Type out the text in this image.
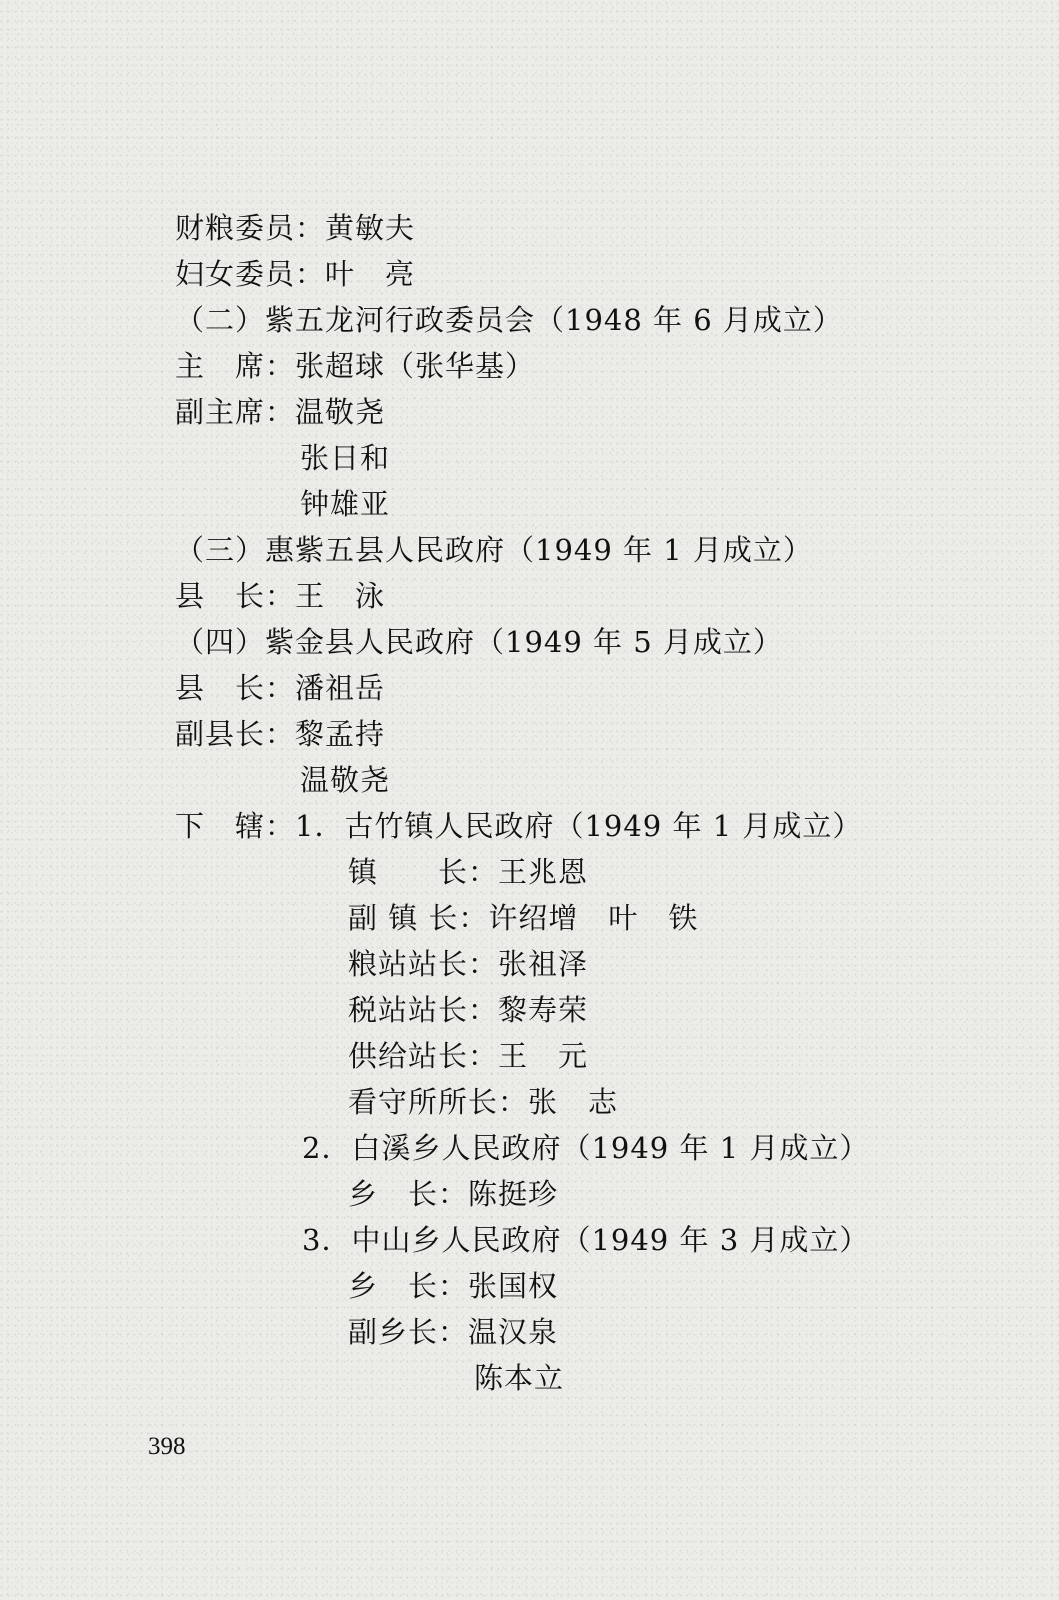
财粮委员：黄敏夫
妇女委员：叶　亮
（二）紫五龙河行政委员会（1948 年 6 月成立）
主　席：张超球（张华基）
副主席：温敬尧
张日和
钟雄亚
（三）惠紫五县人民政府（1949 年 1 月成立）
县　长：王　泳
（四）紫金县人民政府（1949 年 5 月成立）
县　长：潘祖岳
副县长：黎孟持
温敬尧
下　辖：1．古竹镇人民政府（1949 年 1 月成立）
镇　　长：王兆恩
副 镇 长：许绍增　叶　铁
粮站站长：张祖泽
税站站长：黎寿荣
供给站长：王　元
看守所所长：张　志
2．白溪乡人民政府（1949 年 1 月成立）
乡　长：陈挺珍
3．中山乡人民政府（1949 年 3 月成立）
乡　长：张国权
副乡长：温汉泉
陈本立
398
